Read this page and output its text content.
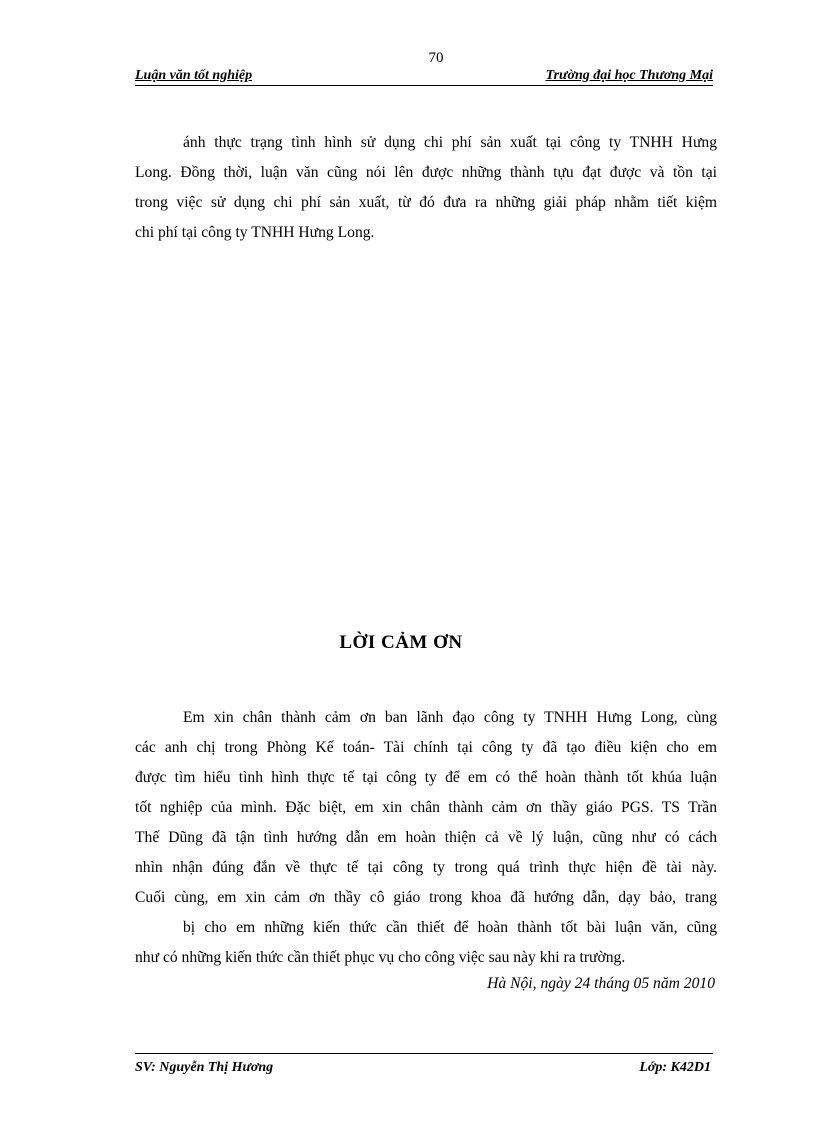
70
Luận văn tốt nghiệp	Trường đại học Thương Mại
ánh thực trạng tình hình sử dụng chi phí sản xuất tại công ty TNHH Hưng
Long. Đồng thời, luận văn cũng nói lên được những thành tựu đạt được và tồn tại
trong việc sử dụng chi phí sản xuất, từ đó đưa ra những giải pháp nhằm tiết kiệm
chi phí tại công ty TNHH Hưng Long.
LỜI CẢM ƠN
Em xin chân thành cảm ơn ban lãnh đạo công ty TNHH Hưng Long, cùng
các anh chị trong Phòng Kế toán- Tài chính tại công ty đã tạo điều kiện cho em
được tìm hiểu tình hình thực tế tại công ty để em có thể hoàn thành tốt khúa luận
tốt nghiệp của mình. Đặc biệt, em xin chân thành cảm ơn thầy giáo PGS. TS Trần
Thế Dũng đã tận tình hướng dẫn em hoàn thiện cả về lý luận, cũng như có cách
nhìn nhận đúng đắn về thực tế tại công ty trong quá trình thực hiện đề tài này.
Cuối cùng, em xin cảm ơn thầy cô giáo trong khoa đã hướng dẫn, dạy bảo, trang
bị cho em những kiến thức cần thiết để hoàn thành tốt bài luận văn, cũng
như có những kiến thức cần thiết phục vụ cho công việc sau này khi ra trường.
Hà Nội, ngày 24 tháng 05 năm 2010
SV: Nguyễn Thị Hương	Lớp: K42D1
